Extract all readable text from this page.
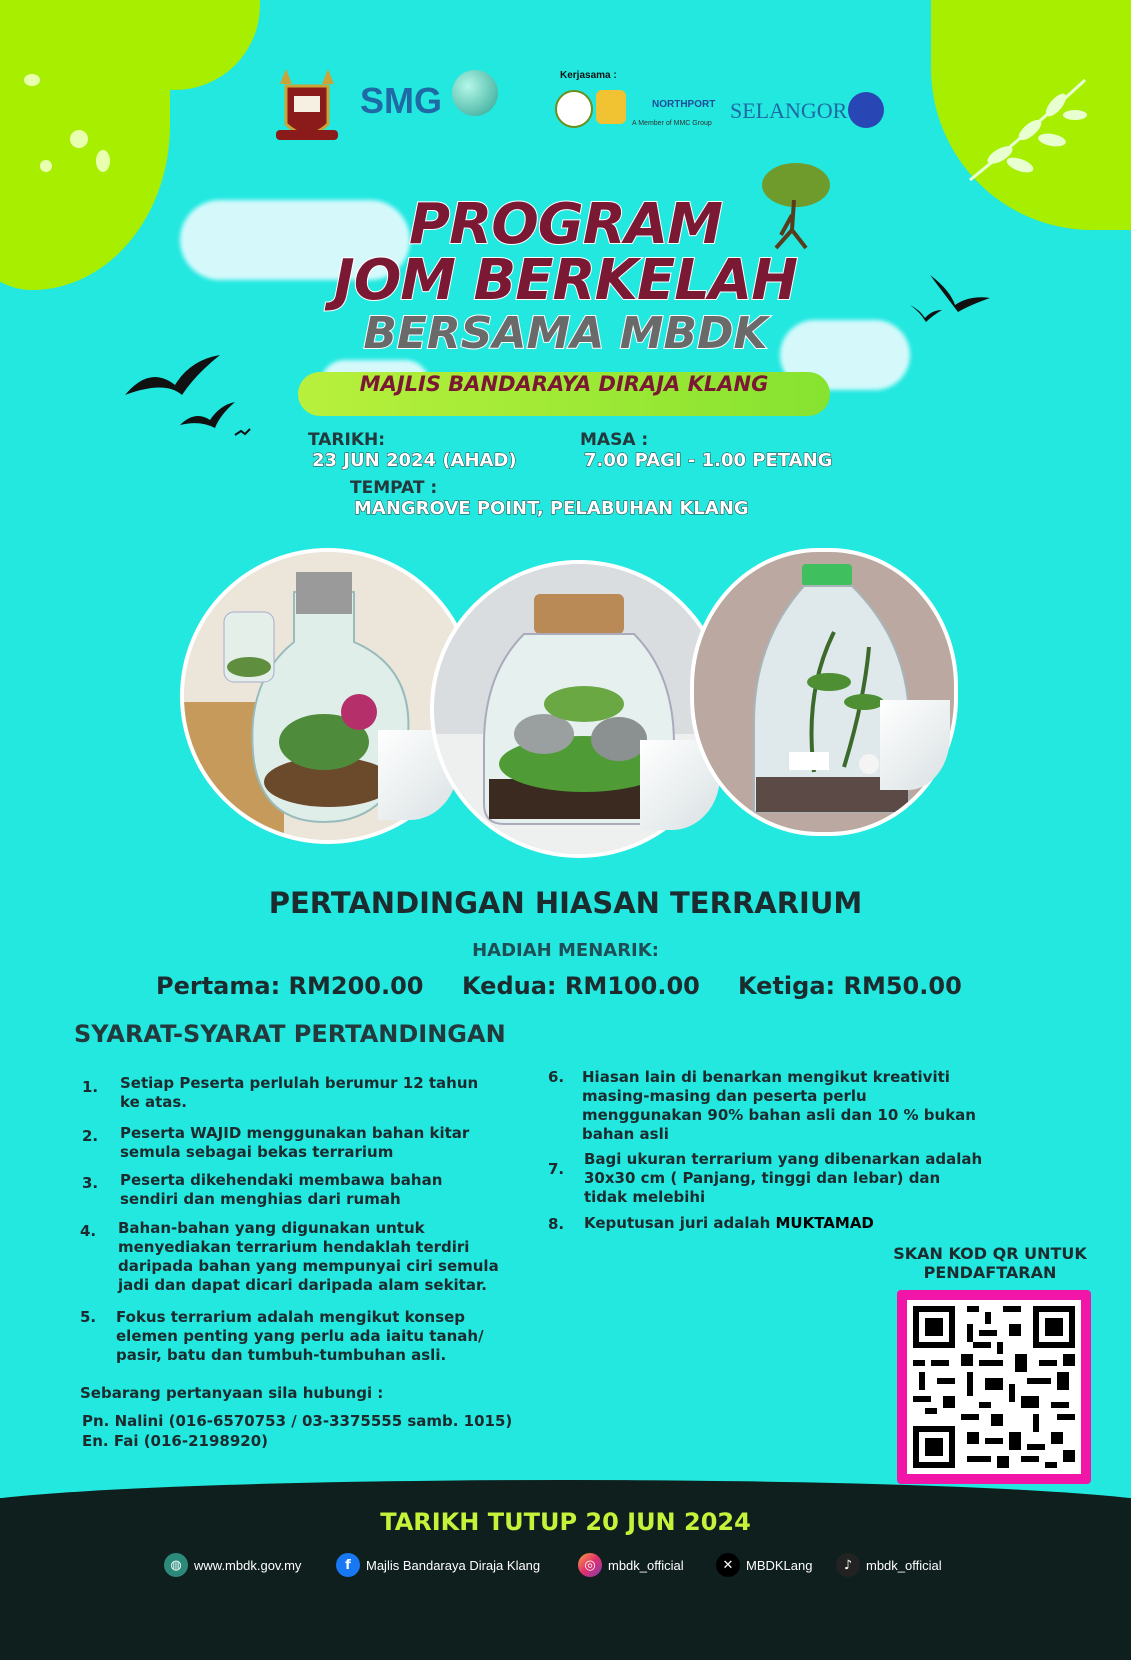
SMG
Kerjasama :
NORTHPORT
A Member of MMC Group
SELANGOR
PROGRAM
JOM BERKELAH
BERSAMA MBDK
MAJLIS BANDARAYA DIRAJA KLANG
TARIKH:
23 JUN 2024 (AHAD)
MASA :
7.00 PAGI - 1.00 PETANG
TEMPAT :
MANGROVE POINT, PELABUHAN KLANG
PERTANDINGAN HIASAN TERRARIUM
HADIAH MENARIK:
Pertama: RM200.00 Kedua: RM100.00 Ketiga: RM50.00
SYARAT-SYARAT PERTANDINGAN
1. Setiap Peserta perlulah berumur 12 tahun ke atas.
2. Peserta WAJID menggunakan bahan kitar semula sebagai bekas terrarium
3. Peserta dikehendaki membawa bahan sendiri dan menghias dari rumah
4. Bahan-bahan yang digunakan untuk menyediakan terrarium hendaklah terdiri daripada bahan yang mempunyai ciri semula jadi dan dapat dicari daripada alam sekitar.
5. Fokus terrarium adalah mengikut konsep elemen penting yang perlu ada iaitu tanah/ pasir, batu dan tumbuh-tumbuhan asli.
6. Hiasan lain di benarkan mengikut kreativiti masing-masing dan peserta perlu menggunakan 90% bahan asli dan 10 % bukan bahan asli
7.
Bagi ukuran terrarium yang dibenarkan adalah 30x30 cm ( Panjang, tinggi dan lebar) dan tidak melebihi
8. Keputusan juri adalah MUKTAMAD
Sebarang pertanyaan sila hubungi :
Pn. Nalini (016-6570753 / 03-3375555 samb. 1015)
En. Fai (016-2198920)
SKAN KOD QR UNTUK PENDAFTARAN
TARIKH TUTUP 20 JUN 2024
◍ www.mbdk.gov.my	f	Majlis Bandaraya Diraja Klang	◎ mbdk_official	✕ MBDKLang	♪	mbdk_official
